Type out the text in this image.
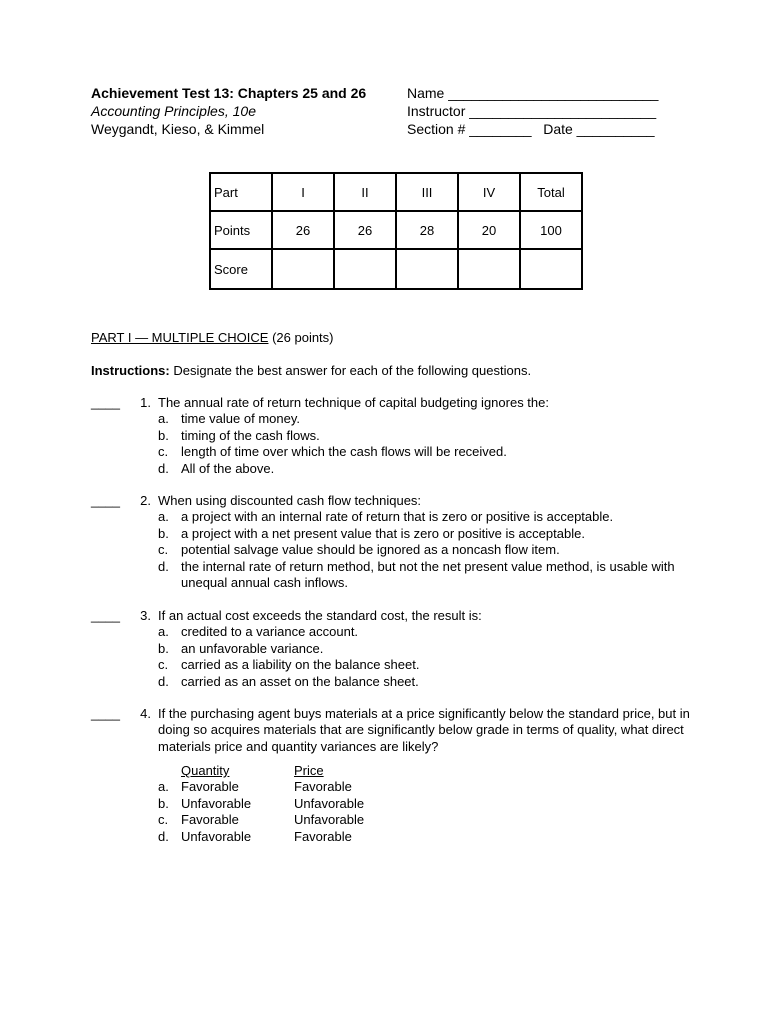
Achievement Test 13: Chapters 25 and 26
Accounting Principles, 10e
Weygandt, Kieso, & Kimmel
Name ___________________________
Instructor ________________________
Section # ________   Date __________
Part	I	II	III	IV	Total
Points	26	26	28	20	100
Score					
PART I — MULTIPLE CHOICE (26 points)
Instructions: Designate the best answer for each of the following questions.
____ 1. The annual rate of return technique of capital budgeting ignores the:
a. time value of money.
b. timing of the cash flows.
c. length of time over which the cash flows will be received.
d. All of the above.
____ 2. When using discounted cash flow techniques:
a. a project with an internal rate of return that is zero or positive is acceptable.
b. a project with a net present value that is zero or positive is acceptable.
c. potential salvage value should be ignored as a noncash flow item.
d. the internal rate of return method, but not the net present value method, is usable with unequal annual cash inflows.
____ 3. If an actual cost exceeds the standard cost, the result is:
a. credited to a variance account.
b. an unfavorable variance.
c. carried as a liability on the balance sheet.
d. carried as an asset on the balance sheet.
____ 4. If the purchasing agent buys materials at a price significantly below the standard price, but in doing so acquires materials that are significantly below grade in terms of quality, what direct materials price and quantity variances are likely?
Quantity	Price
a. Favorable	Favorable
b. Unfavorable	Unfavorable
c. Favorable	Unfavorable
d. Unfavorable	Favorable
